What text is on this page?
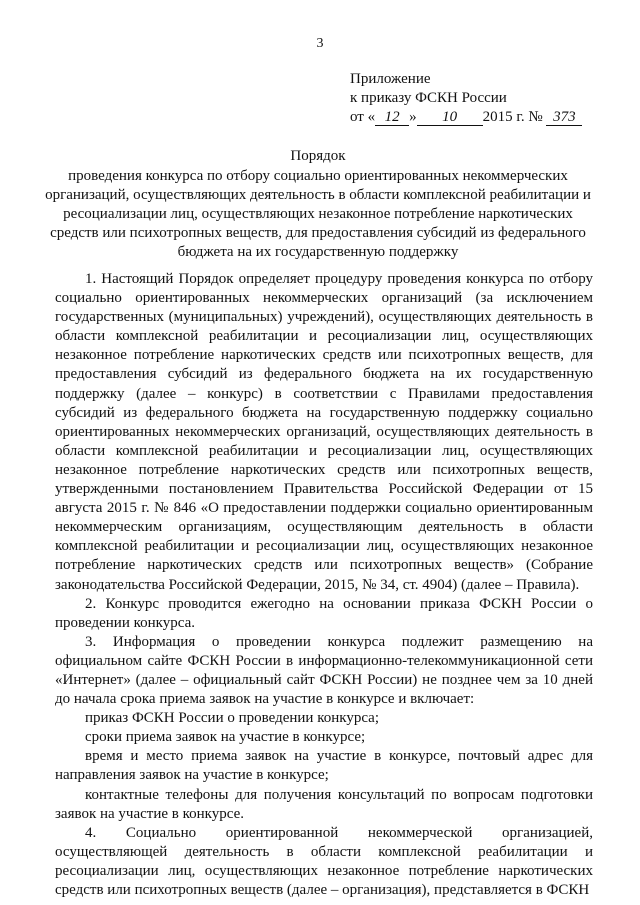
3
Приложение
к приказу ФСКН России
от « 12 » 10 2015 г. № 373
Порядок
проведения конкурса по отбору социально ориентированных некоммерческих организаций, осуществляющих деятельность в области комплексной реабилитации и ресоциализации лиц, осуществляющих незаконное потребление наркотических средств или психотропных веществ, для предоставления субсидий из федерального бюджета на их государственную поддержку

1. Настоящий Порядок определяет процедуру проведения конкурса по отбору социально ориентированных некоммерческих организаций (за исключением государственных (муниципальных) учреждений), осуществляющих деятельность в области комплексной реабилитации и ресоциализации лиц, осуществляющих незаконное потребление наркотических средств или психотропных веществ, для предоставления субсидий из федерального бюджета на их государственную поддержку (далее – конкурс) в соответствии с Правилами предоставления субсидий из федерального бюджета на государственную поддержку социально ориентированных некоммерческих организаций, осуществляющих деятельность в области комплексной реабилитации и ресоциализации лиц, осуществляющих незаконное потребление наркотических средств или психотропных веществ, утвержденными постановлением Правительства Российской Федерации от 15 августа 2015 г. № 846 «О предоставлении поддержки социально ориентированным некоммерческим организациям, осуществляющим деятельность в области комплексной реабилитации и ресоциализации лиц, осуществляющих незаконное потребление наркотических средств или психотропных веществ» (Собрание законодательства Российской Федерации, 2015, № 34, ст. 4904) (далее – Правила).

2. Конкурс проводится ежегодно на основании приказа ФСКН России о проведении конкурса.

3. Информация о проведении конкурса подлежит размещению на официальном сайте ФСКН России в информационно-телекоммуникационной сети «Интернет» (далее – официальный сайт ФСКН России) не позднее чем за 10 дней до начала срока приема заявок на участие в конкурсе и включает:

приказ ФСКН России о проведении конкурса;

сроки приема заявок на участие в конкурсе;

время и место приема заявок на участие в конкурсе, почтовый адрес для направления заявок на участие в конкурсе;

контактные телефоны для получения консультаций по вопросам подготовки заявок на участие в конкурсе.

4. Социально ориентированной некоммерческой организацией, осуществляющей деятельность в области комплексной реабилитации и ресоциализации лиц, осуществляющих незаконное потребление наркотических средств или психотропных веществ (далее – организация), представляется в ФСКН
